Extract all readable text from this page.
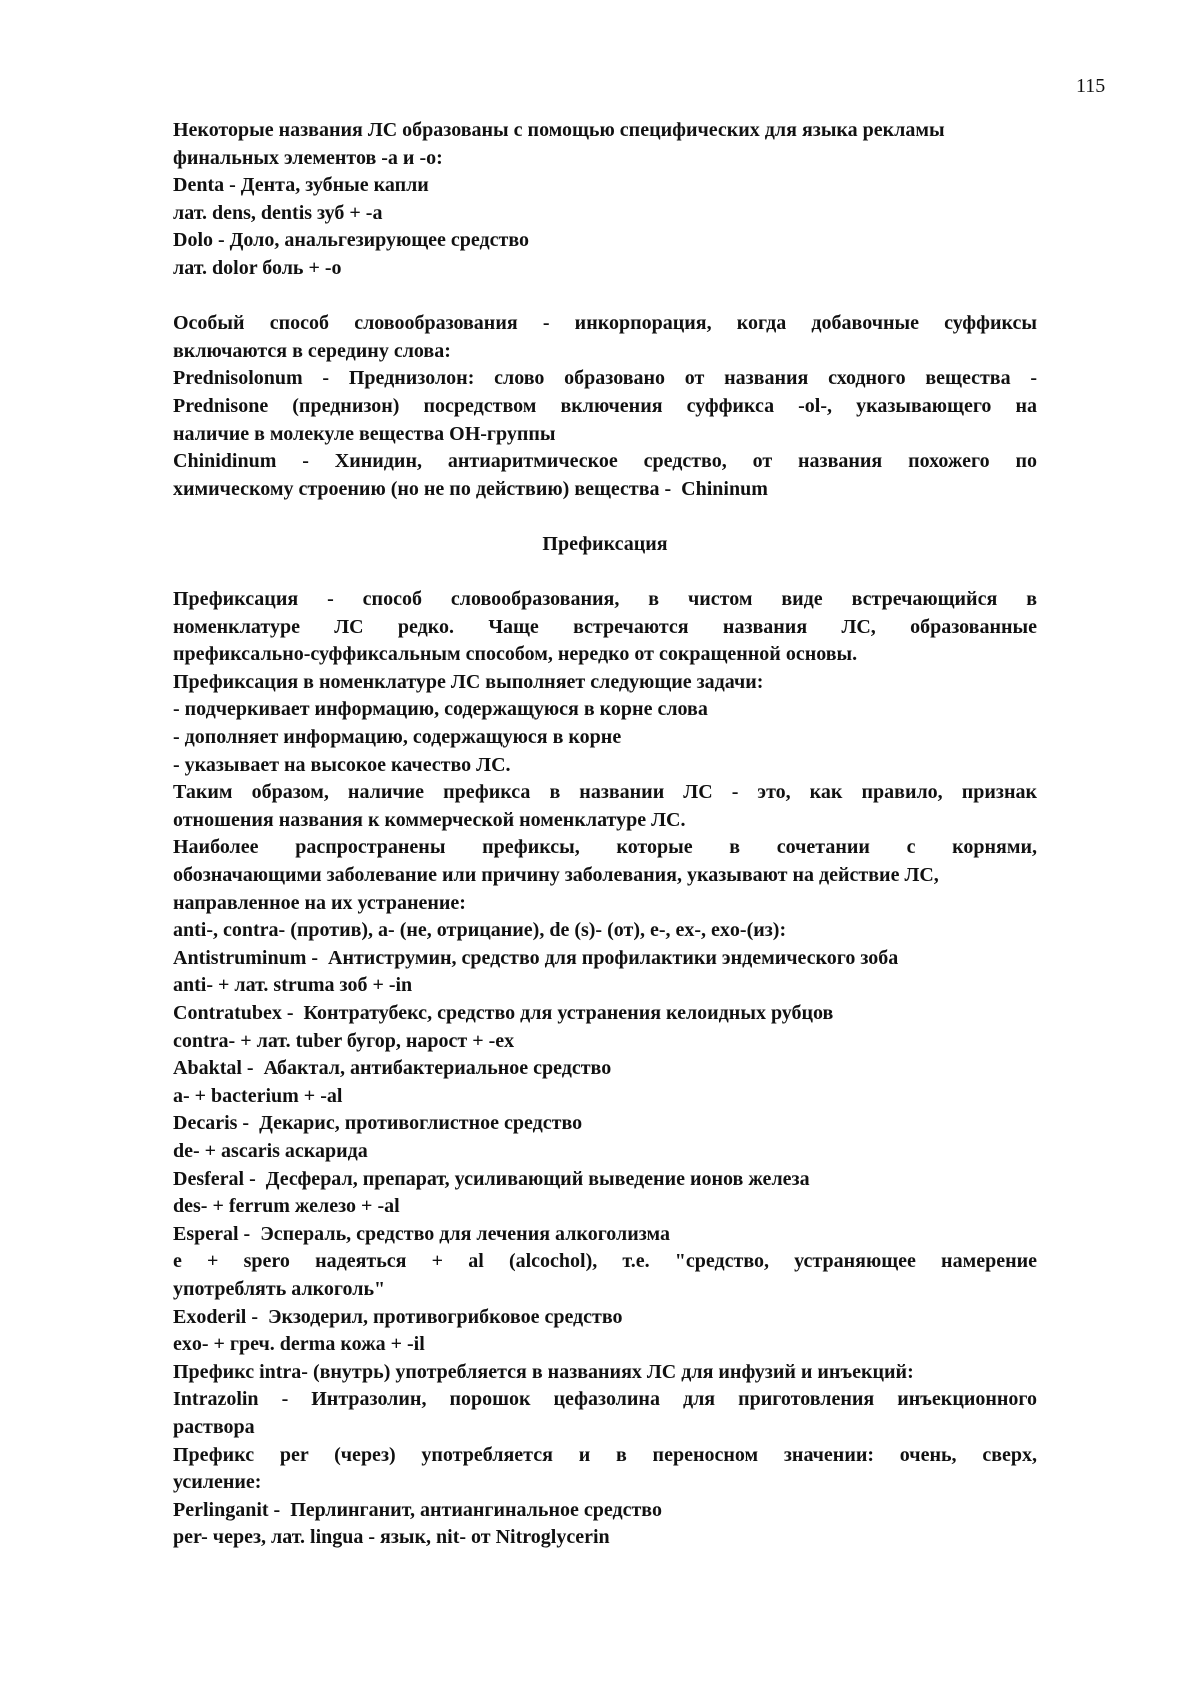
115
Некоторые названия ЛС образованы с помощью специфических для языка рекламы
финальных элементов -а и -о:
Denta - Дента, зубные капли
лат. dens, dentis зуб + -а
Dolo - Доло, анальгезирующее средство
лат. dolor боль + -о
Особый способ словообразования - инкорпорация, когда добавочные суффиксы
включаются в середину слова:
Prednisolonum - Преднизолон: слово образовано от названия сходного вещества -
Prednisone (преднизон) посредством включения суффикса -ol-, указывающего на
наличие в молекуле вещества ОН-группы
Chinidinum - Хинидин, антиаритмическое средство, от названия похожего по
химическому строению (но не по действию) вещества -  Chininum
Префиксация
Префиксация - способ словообразования, в чистом виде встречающийся в
номенклатуре ЛС редко. Чаще встречаются названия ЛС, образованные
префиксально-суффиксальным способом, нередко от сокращенной основы.
Префиксация в номенклатуре ЛС выполняет следующие задачи:
- подчеркивает информацию, содержащуюся в корне слова
- дополняет информацию, содержащуюся в корне
- указывает на высокое качество ЛС.
Таким образом, наличие префикса в названии ЛС - это, как правило, признак
отношения названия к коммерческой номенклатуре ЛС.
Наиболее распространены префиксы, которые в сочетании с корнями,
обозначающими заболевание или причину заболевания, указывают на действие ЛС,
направленное на их устранение:
anti-, contra- (против), a- (не, отрицание), de (s)- (от), e-, ex-, exo-(из):
Antistruminum -  Антиструмин, средство для профилактики эндемического зоба
anti- + лат. struma зоб + -in
Contratubex -  Контратубекс, средство для устранения келоидных рубцов
contra- + лат. tuber бугор, нарост + -ex
Abaktal -  Абактал, антибактериальное средство
a- + bacterium + -al
Decaris -  Декарис, противоглистное средство
de- + ascaris аскарида
Desferal -  Десферал, препарат, усиливающий выведение ионов железа
des- + ferrum железо + -al
Esperal -  Эспераль, средство для лечения алкоголизма
e + spero надеяться + al (alcochol), т.е. "средство, устраняющее намерение
употреблять алкоголь"
Exoderil -  Экзодерил, противогрибковое средство
exo- + греч. derma кожа + -il
Префикс intra- (внутрь) употребляется в названиях ЛС для инфузий и инъекций:
Intrazolin - Интразолин, порошок цефазолина для приготовления инъекционного
раствора
Префикс per (через) употребляется и в переносном значении: очень, сверх,
усиление:
Perlinganit -  Перлинганит, антиангинальное средство
per- через, лат. lingua - язык, nit- от Nitroglycerin
